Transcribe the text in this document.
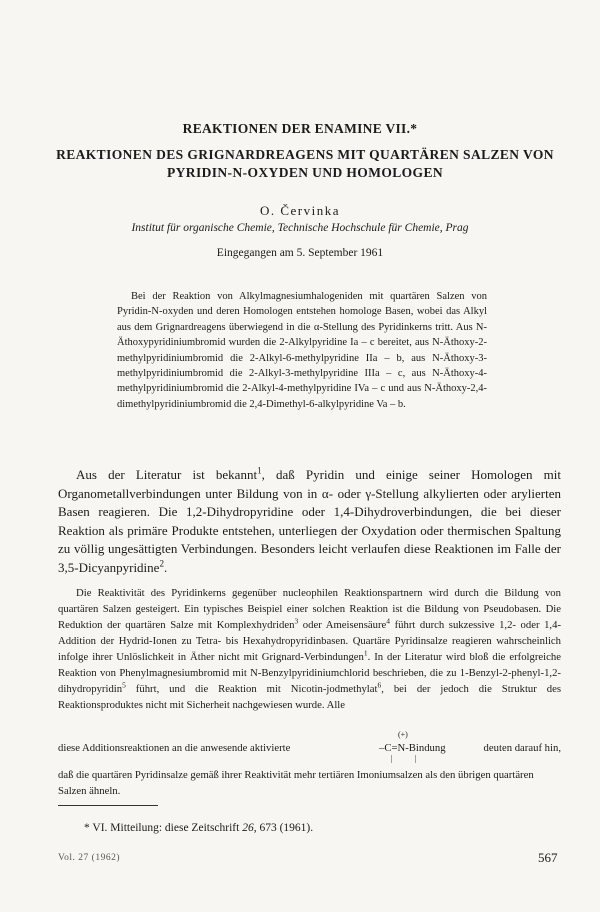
REAKTIONEN DER ENAMINE VII.*
REAKTIONEN DES GRIGNARDREAGENS MIT QUARTÄREN SALZEN VON PYRIDIN-N-OXYDEN UND HOMOLOGEN
O. Červinka
Institut für organische Chemie, Technische Hochschule für Chemie, Prag
Eingegangen am 5. September 1961

Bei der Reaktion von Alkylmagnesiumhalogeniden mit quartären Salzen von Pyridin-N-oxyden und deren Homologen entstehen homologe Basen, wobei das Alkyl aus dem Grignardreagens überwiegend in die α-Stellung des Pyridinkerns tritt. Aus N-Äthoxypyridiniumbromid wurden die 2-Alkylpyridine Ia – c bereitet, aus N-Äthoxy-2-methylpyridiniumbromid die 2-Alkyl-6-methylpyridine IIa – b, aus N-Äthoxy-3-methylpyridiniumbromid die 2-Alkyl-3-methylpyridine IIIa – c, aus N-Äthoxy-4-methylpyridiniumbromid die 2-Alkyl-4-methylpyridine IVa – c und aus N-Äthoxy-2,4-dimethylpyridiniumbromid die 2,4-Dimethyl-6-alkylpyridine Va – b.

Aus der Literatur ist bekannt$^1$, daß Pyridin und einige seiner Homologen mit Organometallverbindungen unter Bildung von in α- oder γ-Stellung alkylierten oder arylierten Basen reagieren. Die 1,2-Dihydropyridine oder 1,4-Dihydroverbindungen, die bei dieser Reaktion als primäre Produkte entstehen, unterliegen der Oxydation oder thermischen Spaltung zu völlig ungesättigten Verbindungen. Besonders leicht verlaufen diese Reaktionen im Falle der 3,5-Dicyanpyridine$^2$.

Die Reaktivität des Pyridinkerns gegenüber nucleophilen Reaktionspartnern wird durch die Bildung von quartären Salzen gesteigert. Ein typisches Beispiel einer solchen Reaktion ist die Bildung von Pseudobasen. Die Reduktion der quartären Salze mit Komplexhydriden$^3$ oder Ameisensäure$^4$ führt durch sukzessive 1,2- oder 1,4-Addition der Hydrid-Ionen zu Tetra- bis Hexahydropyridinbasen. Quartäre Pyridinsalze reagieren wahrscheinlich infolge ihrer Unlöslichkeit in Äther nicht mit Grignard-Verbindungen$^1$. In der Literatur wird bloß die erfolgreiche Reaktion von Phenylmagnesiumbromid mit N-Benzylpyridiniumchlorid beschrieben, die zu 1-Benzyl-2-phenyl-1,2-dihydropyridin$^5$ führt, und die Reaktion mit Nicotin-jodmethylat$^6$, bei der jedoch die Struktur des Reaktionsproduktes nicht mit Sicherheit nachgewiesen wurde. Alle

diese Additionsreaktionen an die anwesende aktivierte
(+)
–C=N-Bindung
| |
deuten darauf hin,
daß die quartären Pyridinsalze gemäß ihrer Reaktivität mehr tertiären Imoniumsalzen als den übrigen quartären Salzen ähneln.
* VI. Mitteilung: diese Zeitschrift 26, 673 (1961).
Vol. 27 (1962)	567
